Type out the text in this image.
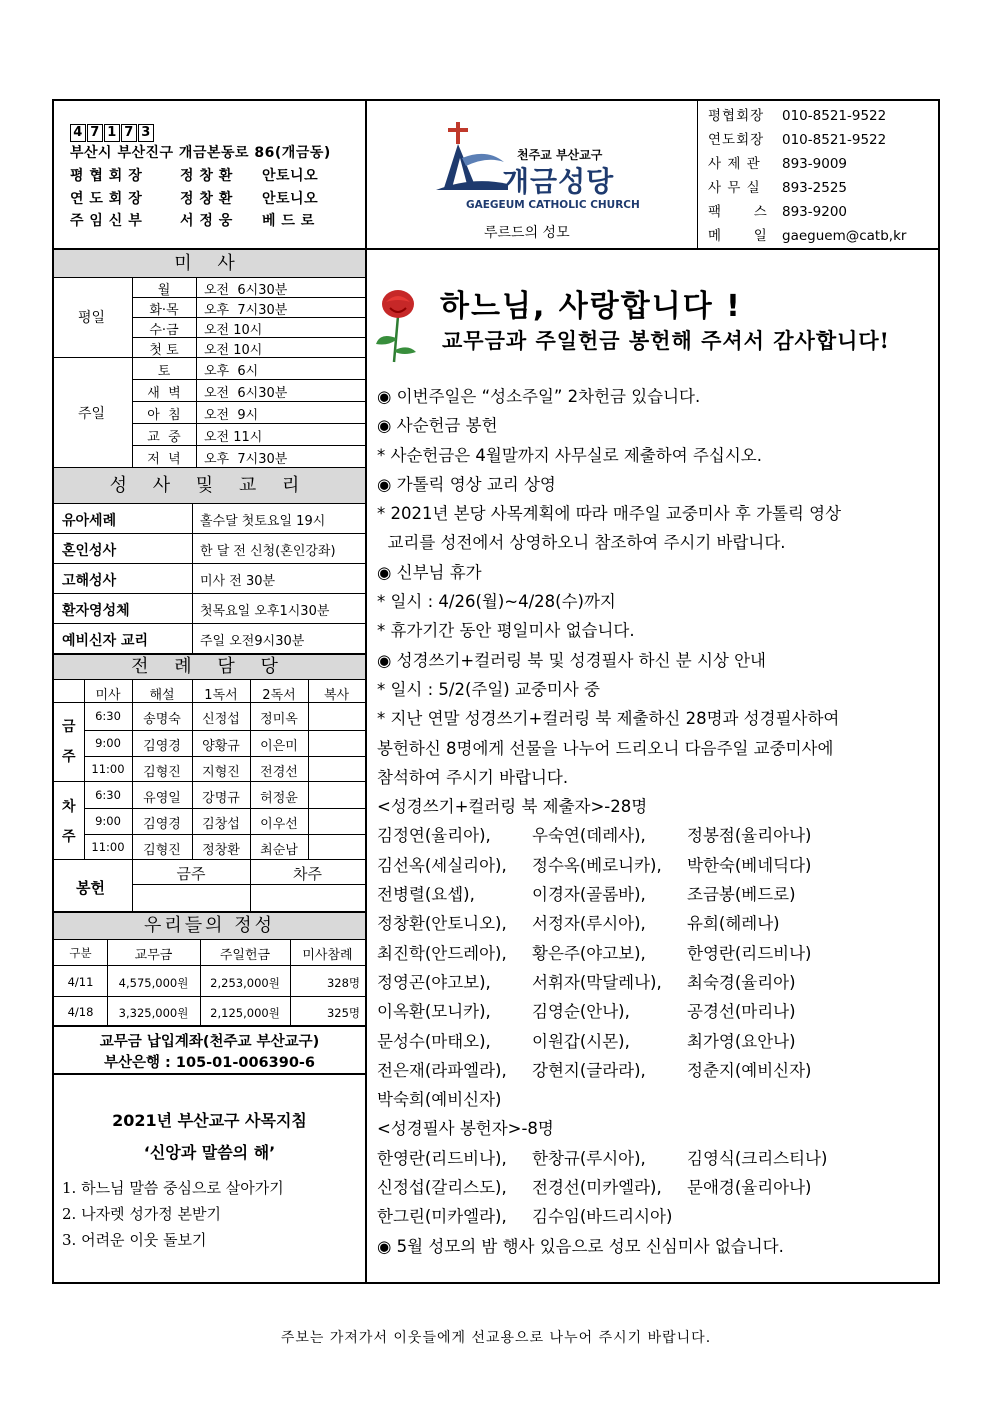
4 7 1 7 3
부산시 부산진구 개금본동로 86(개금동)
평 협 회 장	정 창 환 안토니오
연 도 회 장	정 창 환 안토니오
주 임 신 부	서 정 웅 베 드 로
천주교 부산교구
개금성당
GAEGEUM CATHOLIC CHURCH
루르드의 성모
평협회장	010-8521-9522
연도회장	010-8521-9522
사 제 관	893-9009
사 무 실	893-2525
팩      스	893-9200
메      일	gaeguem@catb,kr
미 사
평일
주일
월	오전  6시30분
화·목	오후  7시30분
수·금	오전 10시
첫 토	오전 10시
토	오후  6시
새  벽	오전  6시30분
아  침	오전  9시
교  중	오전 11시
저  녁	오후  7시30분
성 사 및 교 리
유아세례	홀수달 첫토요일 19시
혼인성사	한 달 전 신청(혼인강좌)
고해성사	미사 전 30분
환자영성체	첫목요일 오후1시30분
예비신자 교리	주일 오전9시30분
전 례 담 당
미사	해설	1독서	2독서	복사
금
주
차
주
6:30	송명숙	신정섭	정미옥
9:00	김영경	양황규	이은미
11:00	김형진	지형진	전경선
6:30	유영일	강명규	허정윤
9:00	김영경	김창섭	이우선
11:00	김형진	정창환	최순남
봉헌
금주	차주
우리들의 정성
구분	교무금	주일헌금	미사참례
4/11	4,575,000원	2,253,000원	328명
4/18	3,325,000원	2,125,000원	325명
교무금 납입계좌(천주교 부산교구)
부산은행 : 105-01-006390-6
2021년 부산교구 사목지침
‘신앙과 말씀의 해’
1. 하느님 말씀 중심으로 살아가기
2. 나자렛 성가정 본받기
3. 어려운 이웃 돌보기
하느님, 사랑합니다 !
교무금과 주일헌금 봉헌해 주셔서 감사합니다!
◉ 이번주일은 “성소주일” 2차헌금 있습니다.
◉ 사순헌금 봉헌
* 사순헌금은 4월말까지 사무실로 제출하여 주십시오.
◉ 가톨릭 영상 교리 상영
* 2021년 본당 사목계획에 따라 매주일 교중미사 후 가톨릭 영상
교리를 성전에서 상영하오니 참조하여 주시기 바랍니다.
◉ 신부님 휴가
* 일시 : 4/26(월)~4/28(수)까지
* 휴가기간 동안 평일미사 없습니다.
◉ 성경쓰기+컬러링 북 및 성경필사 하신 분 시상 안내
* 일시 : 5/2(주일) 교중미사 중
* 지난 연말 성경쓰기+컬러링 북 제출하신 28명과 성경필사하여
봉헌하신 8명에게 선물을 나누어 드리오니 다음주일 교중미사에
참석하여 주시기 바랍니다.
<성경쓰기+컬러링 북 제출자>-28명
김정연(율리아),	우숙연(데레사),	정봉점(율리아나)
김선옥(세실리아),	정수옥(베로니카),	박한숙(베네딕다)
전병렬(요셉),	이경자(골롬바),	조금봉(베드로)
정창환(안토니오),	서정자(루시아),	유희(헤레나)
최진학(안드레아),	황은주(야고보),	한영란(리드비나)
정영곤(야고보),	서휘자(막달레나),	최숙경(율리아)
이옥환(모니카),	김영순(안나),	공경선(마리나)
문성수(마태오),	이원갑(시몬),	최가영(요안나)
전은재(라파엘라),	강현지(글라라),	정춘지(예비신자)
박숙희(예비신자)
<성경필사 봉헌자>-8명
한영란(리드비나),	한창규(루시아),	김영식(크리스티나)
신정섭(갈리스도),	전경선(미카엘라),	문애경(율리아나)
한그린(미카엘라),	김수임(바드리시아)
◉ 5월 성모의 밤 행사 있음으로 성모 신심미사 없습니다.
주보는 가져가서 이웃들에게 선교용으로 나누어 주시기 바랍니다.
